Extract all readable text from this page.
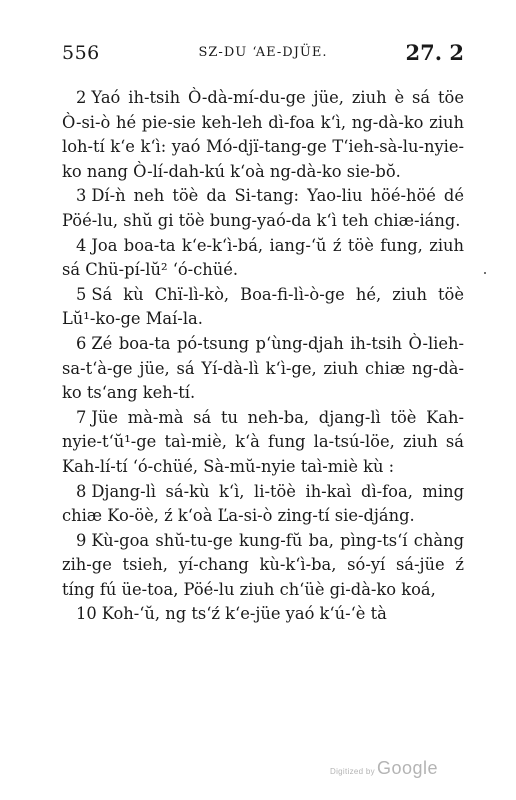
556	SZ-DU ‘AE-DJÜE.	27. 2

2 Yaó ih-tsih Ò-dà-mí-du-ge jüe, ziuh è sá töe Ò-si-ò hé pie-sie keh-leh dì-foa k‘ì, ng-dà-ko ziuh loh-tí k‘e k‘ì: yaó Mó-djï-tang-ge T‘ieh-sà-lu-nyie-ko nang Ò-lí-dah-kú k‘oà ng-dà-ko sie-bŏ.

3 Dí-ǹ neh töè da Si-tang: Yao-liu höé-höé dé Pöé-lu, shŭ gi töè bung-yaó-da k‘ì teh chiæ-iáng.

4 Joa boa-ta k‘e-k‘ì-bá, iang-‘ŭ ź töè fung, ziuh sá Chü-pí-lŭ² ‘ó-chüé.

5 Sá kù Chï-lì-kò, Boa-fi-lì-ò-ge hé, ziuh töè Lŭ¹-ko-ge Maí-la.

6 Zé boa-ta pó-tsung p‘ùng-djah ih-tsih Ò-lieh-sa-t‘à-ge jüe, sá Yí-dà-lì k‘ì-ge, ziuh chiæ ng-dà-ko ts‘ang keh-tí.

7 Jüe mà-mà sá tu neh-ba, djang-lì töè Kah-nyie-t‘ŭ¹-ge taì-miè, k‘à fung la-tsú-löe, ziuh sá Kah-lí-tí ‘ó-chüé, Sà-mŭ-nyie taì-miè kù :

8 Djang-lì sá-kù k‘ì, li-töè ih-kaì dì-foa, ming chiæ Ko-öè, ź k‘oà Ľa-si-ò zing-tí sie-djáng.

9 Kù-goa shŭ-tu-ge kung-fŭ ba, pìng-ts‘í chàng zih-ge tsieh, yí-chang kù-k‘ì-ba, só-yí sá-jüe ź tíng fú üe-toa, Pöé-lu ziuh ch‘üè gi-dà-ko koá,

10 Koh-‘ŭ, ng ts‘ź k‘e-jüe yaó k‘ú-‘è tà

Digitized by Google
